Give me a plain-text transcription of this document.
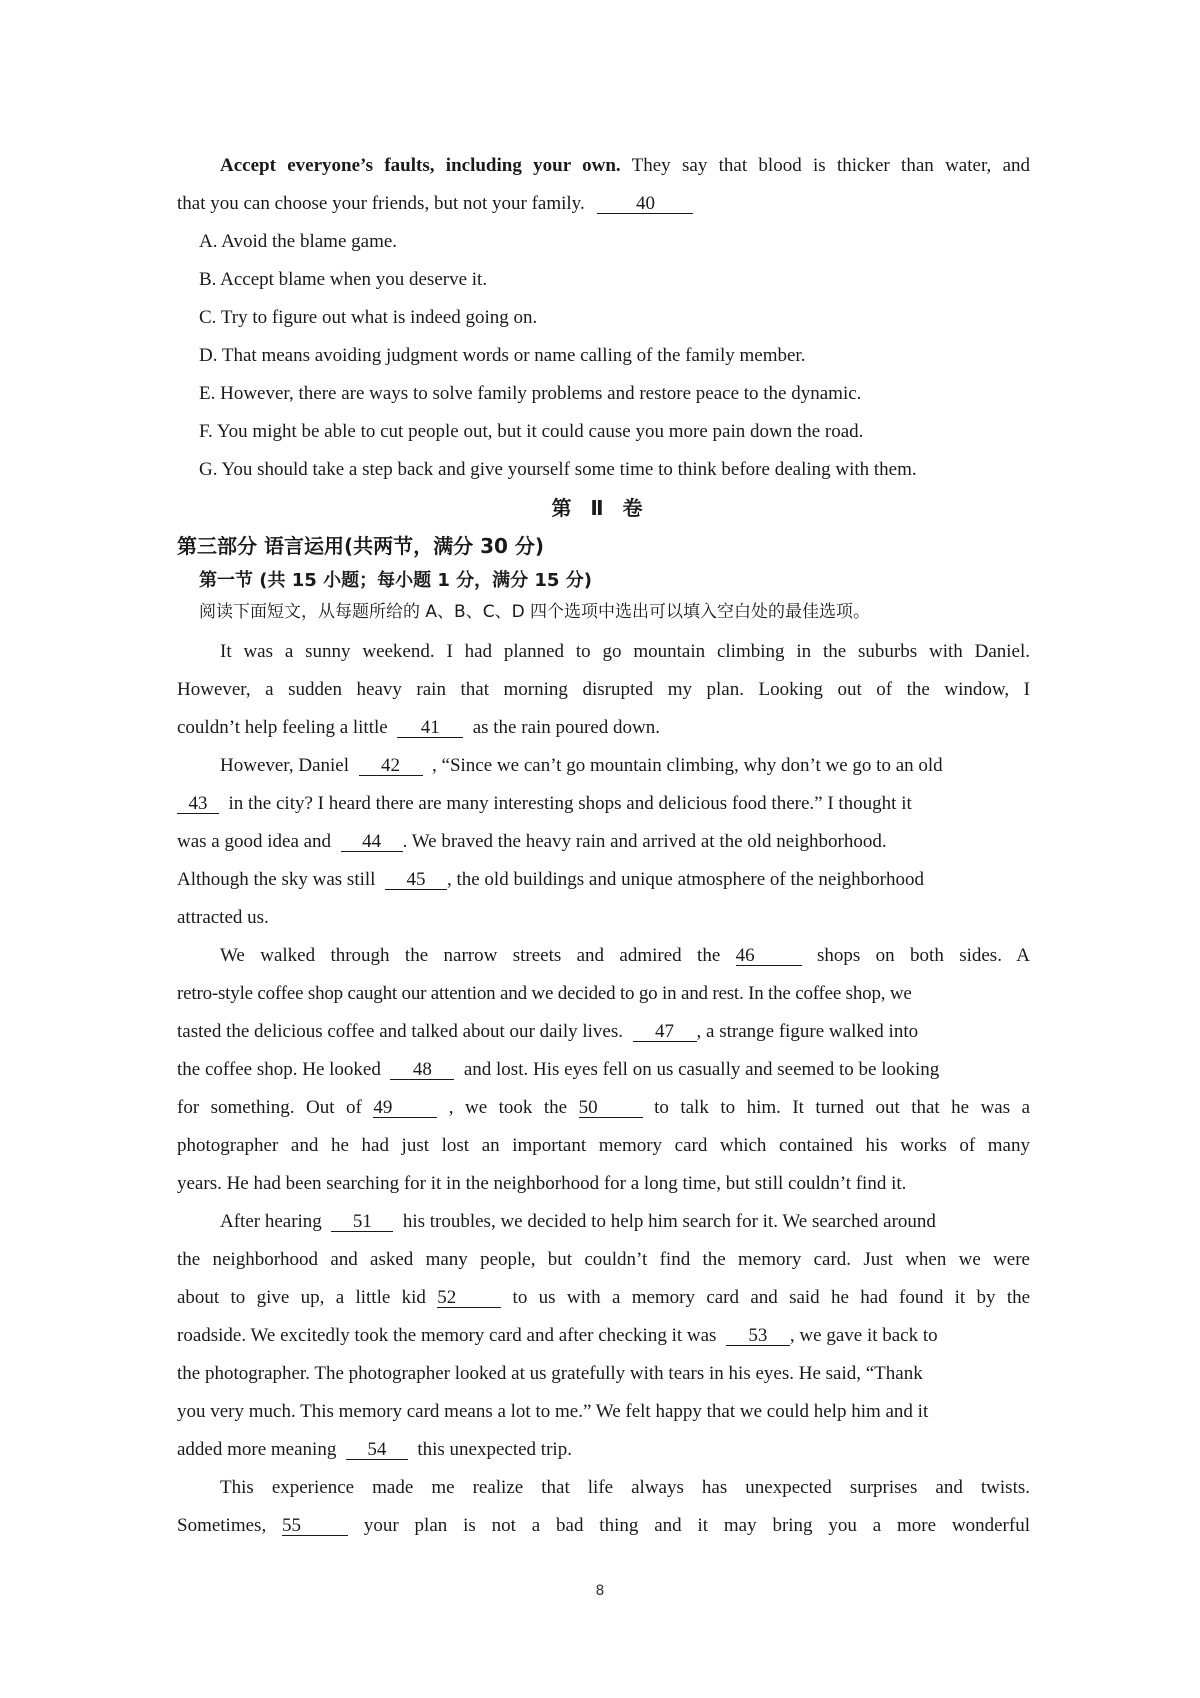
Accept everyone’s faults, including your own. They say that blood is thicker than water, and
that you can choose your friends, but not your family.	40
A. Avoid the blame game.
B. Accept blame when you deserve it.
C. Try to figure out what is indeed going on.
D. That means avoiding judgment words or name calling of the family member.
E. However, there are ways to solve family problems and restore peace to the dynamic.
F. You might be able to cut people out, but it could cause you more pain down the road.
G. You should take a step back and give yourself some time to think before dealing with them.
第 Ⅱ 卷
第三部分 语言运用(共两节，满分 30 分)
第一节 (共 15 小题；每小题 1 分，满分 15 分)
阅读下面短文，从每题所给的 A、B、C、D 四个选项中选出可以填入空白处的最佳选项。
It was a sunny weekend. I had planned to go mountain climbing in the suburbs with Daniel.
However, a sudden heavy rain that morning disrupted my plan. Looking out of the window, I
couldn’t help feeling a little 41 as the rain poured down.
However, Daniel 42 , “Since we can’t go mountain climbing, why don’t we go to an old
43 in the city? I heard there are many interesting shops and delicious food there.” I thought it
was a good idea and 44 . We braved the heavy rain and arrived at the old neighborhood.
Although the sky was still 45 , the old buildings and unique atmosphere of the neighborhood
attracted us.
We walked through the narrow streets and admired the 46	shops on both sides. A
retro-style coffee shop caught our attention and we decided to go in and rest. In the coffee shop, we
tasted the delicious coffee and talked about our daily lives. 47 , a strange figure walked into
the coffee shop. He looked 48 and lost. His eyes fell on us casually and seemed to be looking
for something. Out of 49	, we took the 50	to talk to him. It turned out that he was a
photographer and he had just lost an important memory card which contained his works of many
years. He had been searching for it in the neighborhood for a long time, but still couldn’t find it.
After hearing 51 his troubles, we decided to help him search for it. We searched around
the neighborhood and asked many people, but couldn’t find the memory card. Just when we were
about to give up, a little kid 52	to us with a memory card and said he had found it by the
roadside. We excitedly took the memory card and after checking it was 53 , we gave it back to
the photographer. The photographer looked at us gratefully with tears in his eyes. He said, “Thank
you very much. This memory card means a lot to me.” We felt happy that we could help him and it
added more meaning 54 this unexpected trip.
This experience made me realize that life always has unexpected surprises and twists.
Sometimes, 55	your plan is not a bad thing and it may bring you a more wonderful
8
